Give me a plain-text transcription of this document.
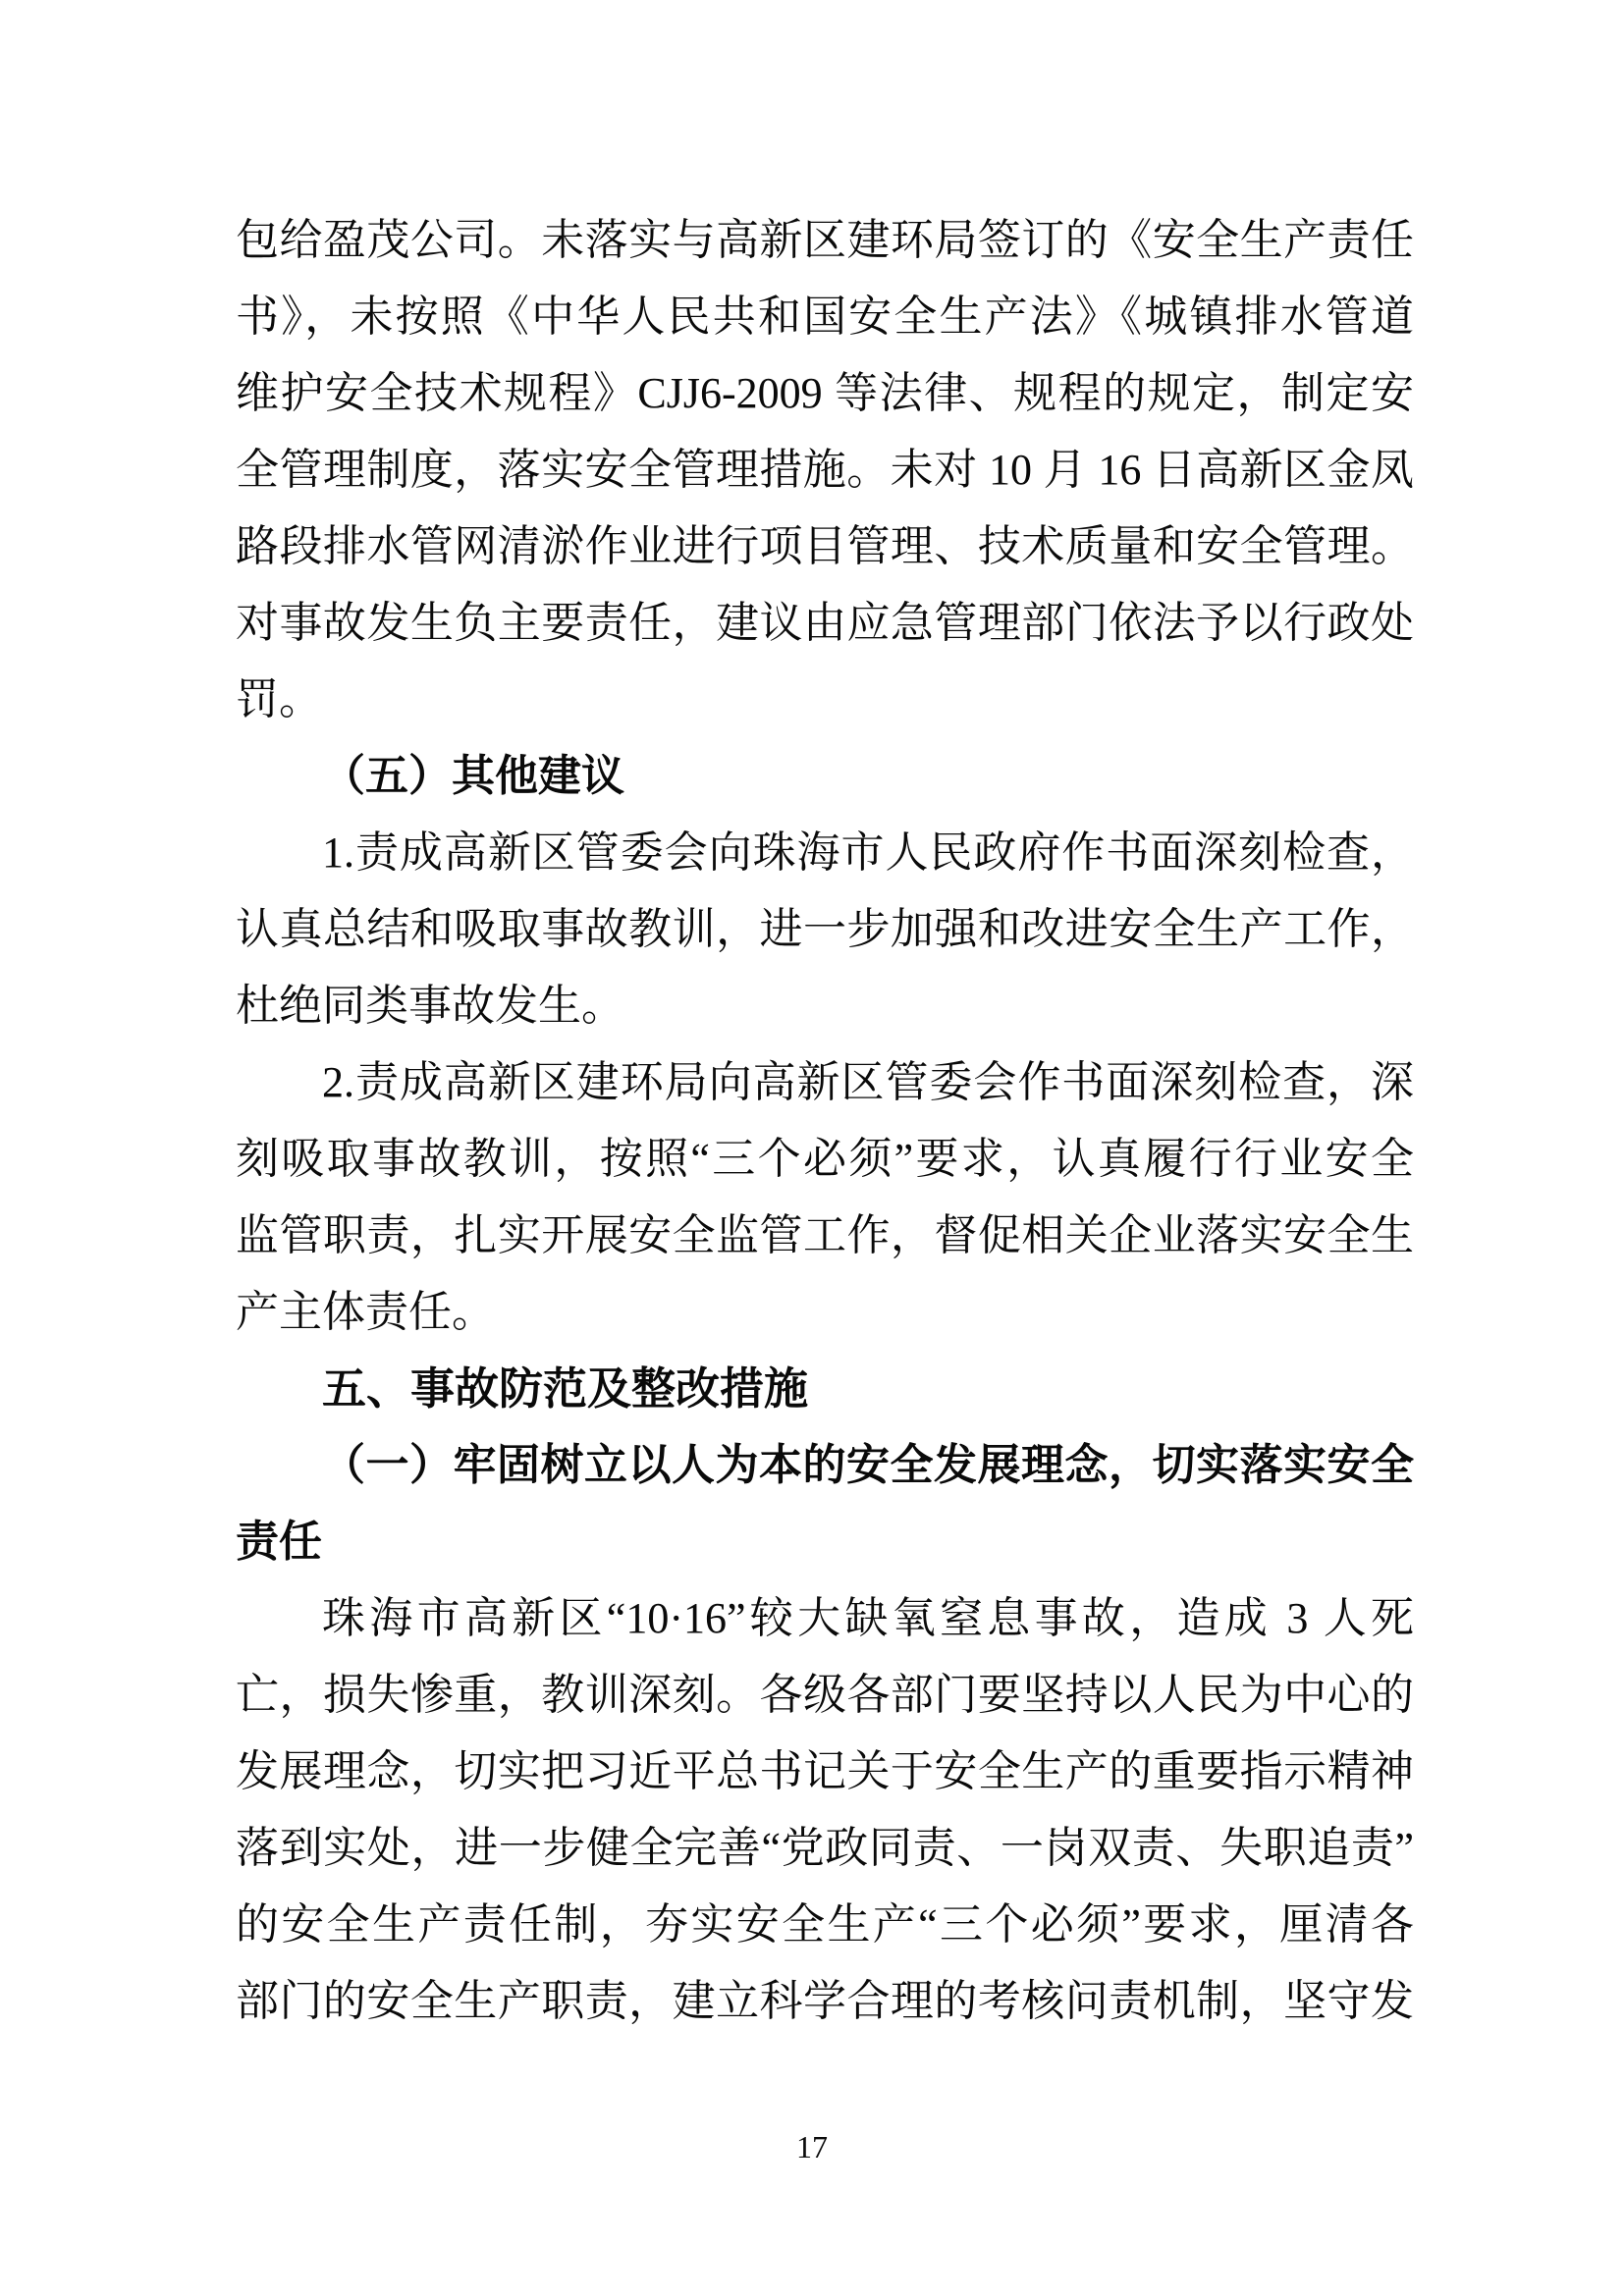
包给盈茂公司。未落实与高新区建环局签订的《安全生产责任
书》，未按照《中华人民共和国安全生产法》《城镇排水管道
维护安全技术规程》CJJ6-2009 等法律、规程的规定，制定安
全管理制度，落实安全管理措施。未对 10 月 16 日高新区金凤
路段排水管网清淤作业进行项目管理、技术质量和安全管理。
对事故发生负主要责任，建议由应急管理部门依法予以行政处
罚。
（五）其他建议
1.责成高新区管委会向珠海市人民政府作书面深刻检查，
认真总结和吸取事故教训，进一步加强和改进安全生产工作，
杜绝同类事故发生。
2.责成高新区建环局向高新区管委会作书面深刻检查，深
刻吸取事故教训，按照“三个必须”要求，认真履行行业安全
监管职责，扎实开展安全监管工作，督促相关企业落实安全生
产主体责任。
五、事故防范及整改措施
（一）牢固树立以人为本的安全发展理念，切实落实安全
责任
珠海市高新区“10·16”较大缺氧窒息事故，造成 3 人死
亡，损失惨重，教训深刻。各级各部门要坚持以人民为中心的
发展理念，切实把习近平总书记关于安全生产的重要指示精神
落到实处，进一步健全完善“党政同责、一岗双责、失职追责”
的安全生产责任制，夯实安全生产“三个必须”要求，厘清各
部门的安全生产职责，建立科学合理的考核问责机制，坚守发
17
